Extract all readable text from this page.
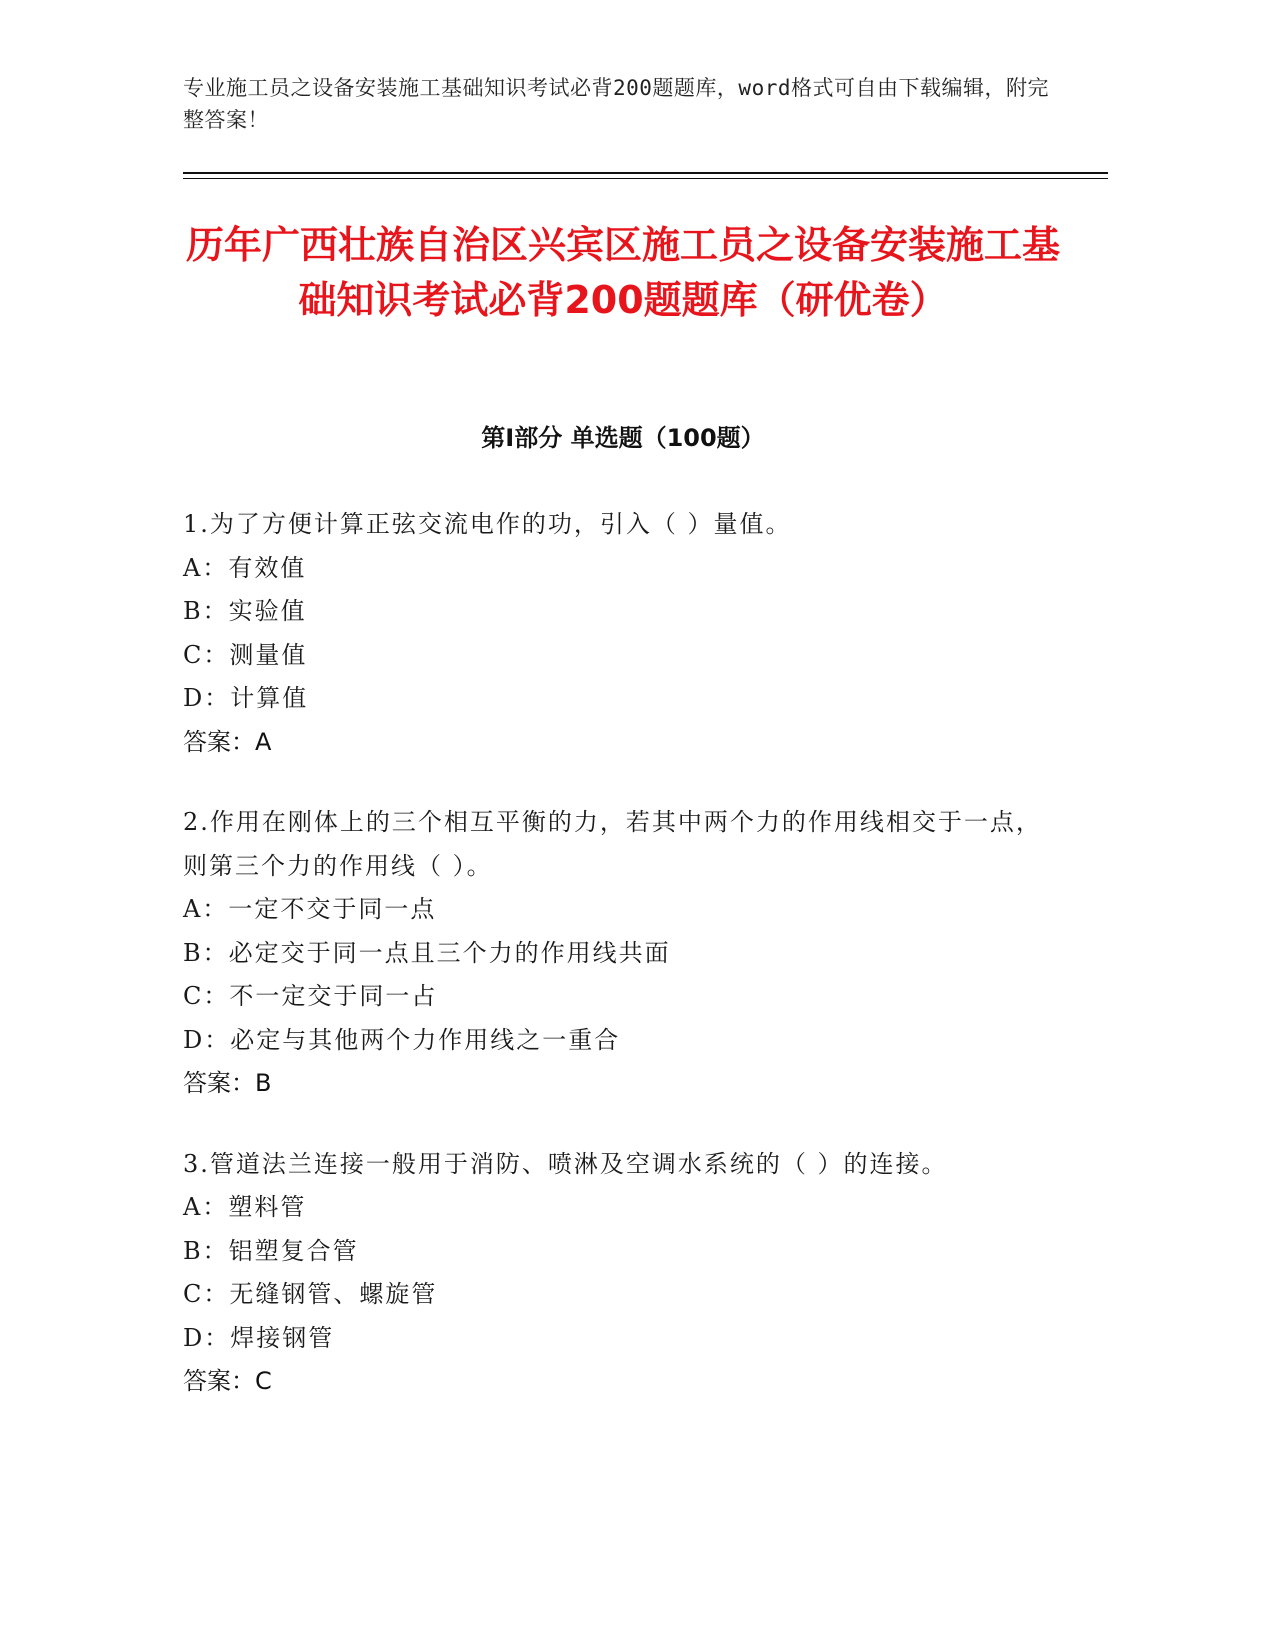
专业施工员之设备安装施工基础知识考试必背200题题库，word格式可自由下载编辑，附完整答案！
历年广西壮族自治区兴宾区施工员之设备安装施工基础知识考试必背200题题库（研优卷）
第Ⅰ部分 单选题（100题）
1.为了方便计算正弦交流电作的功，引入（ ）量值。
A：有效值
B：实验值
C：测量值
D：计算值
答案：A
2.作用在刚体上的三个相互平衡的力，若其中两个力的作用线相交于一点，则第三个力的作用线（ ）。
A：一定不交于同一点
B：必定交于同一点且三个力的作用线共面
C：不一定交于同一占
D：必定与其他两个力作用线之一重合
答案：B
3.管道法兰连接一般用于消防、喷淋及空调水系统的（ ）的连接。
A：塑料管
B：铝塑复合管
C：无缝钢管、螺旋管
D：焊接钢管
答案：C
